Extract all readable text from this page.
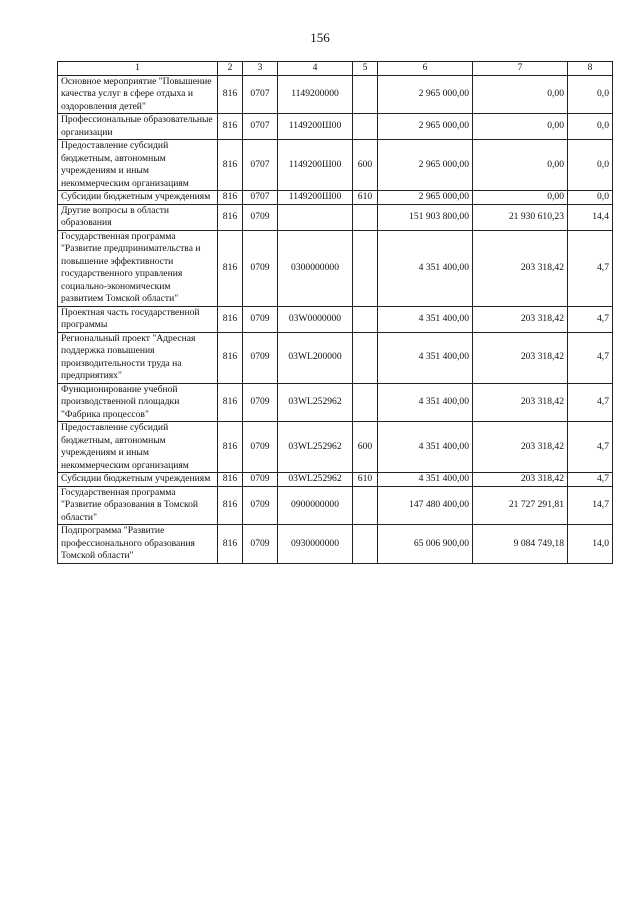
156
1	2	3	4	5	6	7	8
Основное мероприятие "Повышение качества услуг в сфере отдыха и оздоровления детей"	816	0707	1149200000		2 965 000,00	0,00	0,0
Профессиональные образовательные организации	816	0707	1149200Ш00		2 965 000,00	0,00	0,0
Предоставление субсидий бюджетным, автономным учреждениям и иным некоммерческим организациям	816	0707	1149200Ш00	600	2 965 000,00	0,00	0,0
Субсидии бюджетным учреждениям	816	0707	1149200Ш00	610	2 965 000,00	0,00	0,0
Другие вопросы в области образования	816	0709			151 903 800,00	21 930 610,23	14,4
Государственная программа "Развитие предпринимательства и повышение эффективности государственного управления социально-экономическим развитием Томской области"	816	0709	0300000000		4 351 400,00	203 318,42	4,7
Проектная часть государственной программы	816	0709	03W0000000		4 351 400,00	203 318,42	4,7
Региональный проект "Адресная поддержка повышения производительности труда на предприятиях"	816	0709	03WL200000		4 351 400,00	203 318,42	4,7
Функционирование учебной производственной площадки "Фабрика процессов"	816	0709	03WL252962		4 351 400,00	203 318,42	4,7
Предоставление субсидий бюджетным, автономным учреждениям и иным некоммерческим организациям	816	0709	03WL252962	600	4 351 400,00	203 318,42	4,7
Субсидии бюджетным учреждениям	816	0709	03WL252962	610	4 351 400,00	203 318,42	4,7
Государственная программа "Развитие образования в Томской области"	816	0709	0900000000		147 480 400,00	21 727 291,81	14,7
Подпрограмма "Развитие профессионального образования Томской области"	816	0709	0930000000		65 006 900,00	9 084 749,18	14,0
